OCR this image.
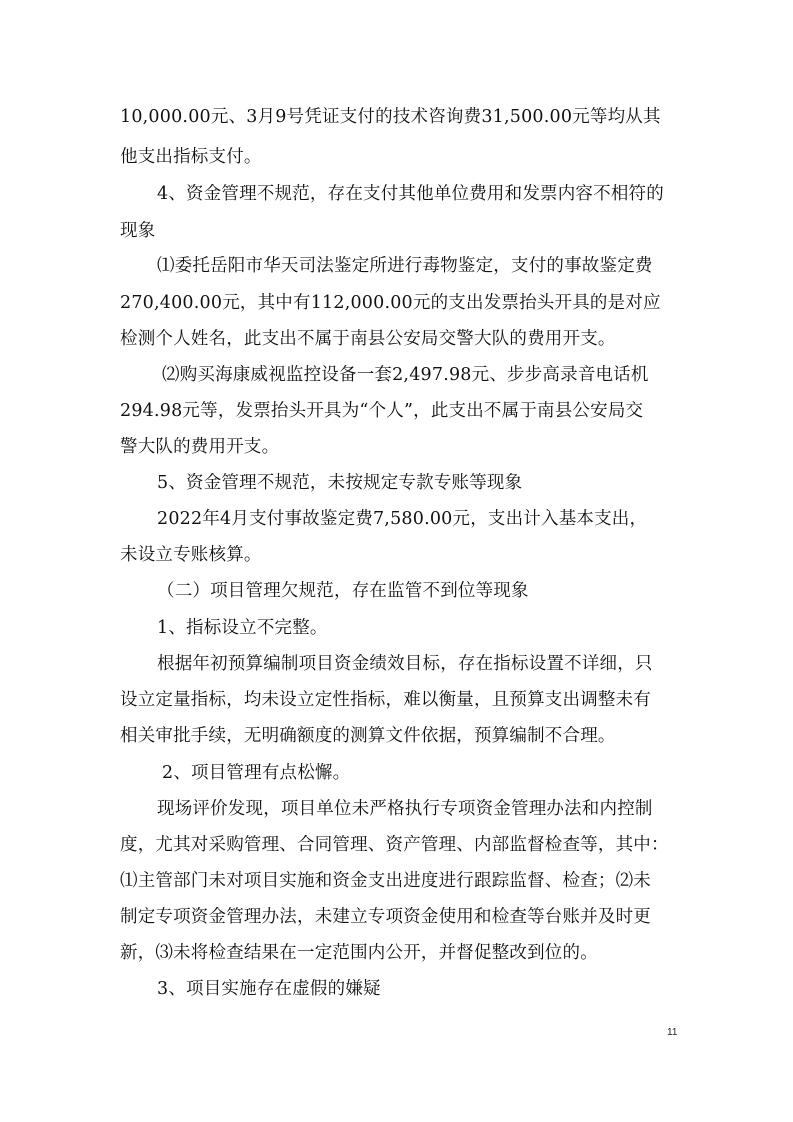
10,000.00元、3月9号凭证支付的技术咨询费31,500.00元等均从其
他支出指标支付。
4、资金管理不规范，存在支付其他单位费用和发票内容不相符的
现象
⑴委托岳阳市华天司法鉴定所进行毒物鉴定，支付的事故鉴定费
270,400.00元，其中有112,000.00元的支出发票抬头开具的是对应
检测个人姓名，此支出不属于南县公安局交警大队的费用开支。
⑵购买海康威视监控设备一套2,497.98元、步步高录音电话机
294.98元等，发票抬头开具为“个人”，此支出不属于南县公安局交
警大队的费用开支。
5、资金管理不规范，未按规定专款专账等现象
2022年4月支付事故鉴定费7,580.00元，支出计入基本支出，
未设立专账核算。
（二）项目管理欠规范，存在监管不到位等现象
1、指标设立不完整。
根据年初预算编制项目资金绩效目标，存在指标设置不详细，只
设立定量指标，均未设立定性指标，难以衡量，且预算支出调整未有
相关审批手续，无明确额度的测算文件依据，预算编制不合理。
2、项目管理有点松懈。
现场评价发现，项目单位未严格执行专项资金管理办法和内控制
度，尤其对采购管理、合同管理、资产管理、内部监督检查等，其中：
⑴主管部门未对项目实施和资金支出进度进行跟踪监督、检查；⑵未
制定专项资金管理办法，未建立专项资金使用和检查等台账并及时更
新，⑶未将检查结果在一定范围内公开，并督促整改到位的。
3、项目实施存在虚假的嫌疑
11
